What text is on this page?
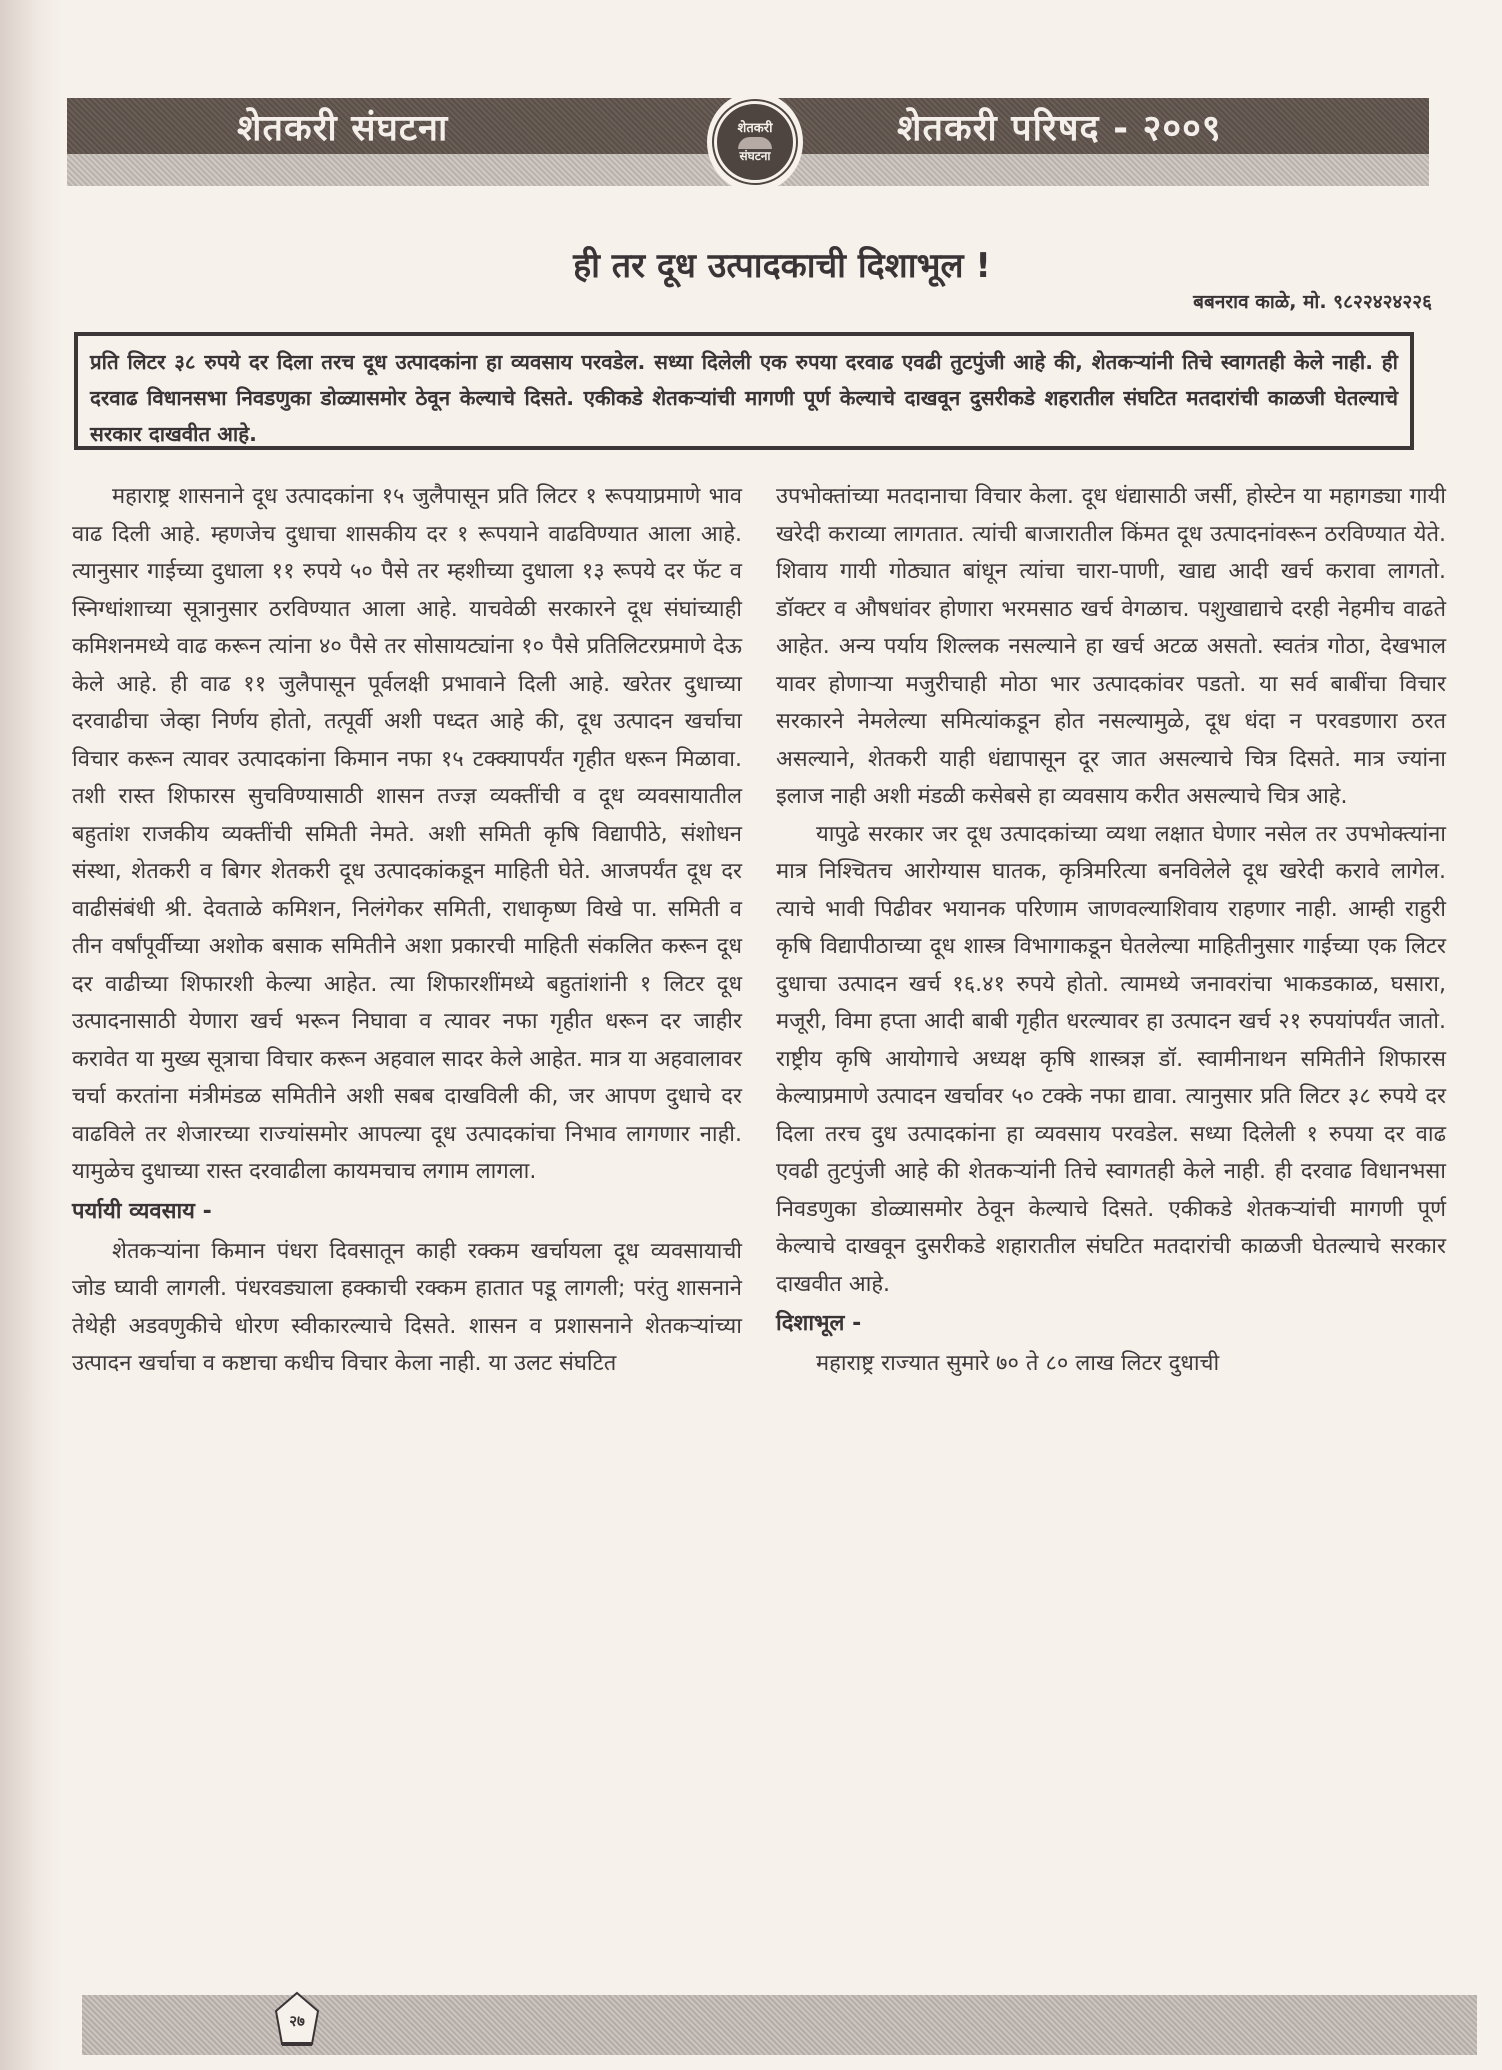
शेतकरी संघटना	शेतकरी परिषद - २००९
शेतकरी
संघटना
ही तर दूध उत्पादकाची दिशाभूल !
बबनराव काळे, मो. ९८२२४२४२२६

प्रति लिटर ३८ रुपये दर दिला तरच दूध उत्पादकांना हा व्यवसाय परवडेल. सध्या दिलेली एक रुपया दरवाढ एवढी तुटपुंजी आहे की, शेतकऱ्यांनी तिचे स्वागतही केले नाही. ही दरवाढ विधानसभा निवडणुका डोळ्यासमोर ठेवून केल्याचे दिसते. एकीकडे शेतकऱ्यांची मागणी पूर्ण केल्याचे दाखवून दुसरीकडे शहरातील संघटित मतदारांची काळजी घेतल्याचे सरकार दाखवीत आहे.

महाराष्ट्र शासनाने दूध उत्पादकांना १५ जुलैपासून प्रति लिटर १ रूपयाप्रमाणे भाव वाढ दिली आहे. म्हणजेच दुधाचा शासकीय दर १ रूपयाने वाढविण्यात आला आहे. त्यानुसार गाईच्या दुधाला ११ रुपये ५० पैसे तर म्हशीच्या दुधाला १३ रूपये दर फॅट व स्निग्धांशाच्या सूत्रानुसार ठरविण्यात आला आहे. याचवेळी सरकारने दूध संघांच्याही कमिशनमध्ये वाढ करून त्यांना ४० पैसे तर सोसायट्यांना १० पैसे प्रतिलिटरप्रमाणे देऊ केले आहे. ही वाढ ११ जुलैपासून पूर्वलक्षी प्रभावाने दिली आहे. खरेतर दुधाच्या दरवाढीचा जेव्हा निर्णय होतो, तत्पूर्वी अशी पध्दत आहे की, दूध उत्पादन खर्चाचा विचार करून त्यावर उत्पादकांना किमान नफा १५ टक्क्यापर्यंत गृहीत धरून मिळावा. तशी रास्त शिफारस सुचविण्यासाठी शासन तज्ज्ञ व्यक्तींची व दूध व्यवसायातील बहुतांश राजकीय व्यक्तींची समिती नेमते. अशी समिती कृषि विद्यापीठे, संशोधन संस्था, शेतकरी व बिगर शेतकरी दूध उत्पादकांकडून माहिती घेते. आजपर्यंत दूध दर वाढीसंबंधी श्री. देवताळे कमिशन, निलंगेकर समिती, राधाकृष्ण विखे पा. समिती व तीन वर्षांपूर्वीच्या अशोक बसाक समितीने अशा प्रकारची माहिती संकलित करून दूध दर वाढीच्या शिफारशी केल्या आहेत. त्या शिफारशींमध्ये बहुतांशांनी १ लिटर दूध उत्पादनासाठी येणारा खर्च भरून निघावा व त्यावर नफा गृहीत धरून दर जाहीर करावेत या मुख्य सूत्राचा विचार करून अहवाल सादर केले आहेत. मात्र या अहवालावर चर्चा करतांना मंत्रीमंडळ समितीने अशी सबब दाखविली की, जर आपण दुधाचे दर वाढविले तर शेजारच्या राज्यांसमोर आपल्या दूध उत्पादकांचा निभाव लागणार नाही. यामुळेच दुधाच्या रास्त दरवाढीला कायमचाच लगाम लागला.

पर्यायी व्यवसाय -

शेतकऱ्यांना किमान पंधरा दिवसातून काही रक्कम खर्चायला दूध व्यवसायाची जोड घ्यावी लागली. पंधरवड्याला हक्काची रक्कम हातात पडू लागली; परंतु शासनाने तेथेही अडवणुकीचे धोरण स्वीकारल्याचे दिसते. शासन व प्रशासनाने शेतकऱ्यांच्या उत्पादन खर्चाचा व कष्टाचा कधीच विचार केला नाही. या उलट संघटित

उपभोक्तांच्या मतदानाचा विचार केला. दूध धंद्यासाठी जर्सी, होस्टेन या महागड्या गायी खरेदी कराव्या लागतात. त्यांची बाजारातील किंमत दूध उत्पादनांवरून ठरविण्यात येते. शिवाय गायी गोठ्यात बांधून त्यांचा चारा-पाणी, खाद्य आदी खर्च करावा लागतो. डॉक्टर व औषधांवर होणारा भरमसाठ खर्च वेगळाच. पशुखाद्याचे दरही नेहमीच वाढते आहेत. अन्य पर्याय शिल्लक नसल्याने हा खर्च अटळ असतो. स्वतंत्र गोठा, देखभाल यावर होणाऱ्या मजुरीचाही मोठा भार उत्पादकांवर पडतो. या सर्व बाबींचा विचार सरकारने नेमलेल्या समित्यांकडून होत नसल्यामुळे, दूध धंदा न परवडणारा ठरत असल्याने, शेतकरी याही धंद्यापासून दूर जात असल्याचे चित्र दिसते. मात्र ज्यांना इलाज नाही अशी मंडळी कसेबसे हा व्यवसाय करीत असल्याचे चित्र आहे.

यापुढे सरकार जर दूध उत्पादकांच्या व्यथा लक्षात घेणार नसेल तर उपभोक्त्यांना मात्र निश्चितच आरोग्यास घातक, कृत्रिमरित्या बनविलेले दूध खरेदी करावे लागेल. त्याचे भावी पिढीवर भयानक परिणाम जाणवल्याशिवाय राहणार नाही. आम्ही राहुरी कृषि विद्यापीठाच्या दूध शास्त्र विभागाकडून घेतलेल्या माहितीनुसार गाईच्या एक लिटर दुधाचा उत्पादन खर्च १६.४१ रुपये होतो. त्यामध्ये जनावरांचा भाकडकाळ, घसारा, मजूरी, विमा हप्ता आदी बाबी गृहीत धरल्यावर हा उत्पादन खर्च २१ रुपयांपर्यंत जातो. राष्ट्रीय कृषि आयोगाचे अध्यक्ष कृषि शास्त्रज्ञ डॉ. स्वामीनाथन समितीने शिफारस केल्याप्रमाणे उत्पादन खर्चावर ५० टक्के नफा द्यावा. त्यानुसार प्रति लिटर ३८ रुपये दर दिला तरच दुध उत्पादकांना हा व्यवसाय परवडेल. सध्या दिलेली १ रुपया दर वाढ एवढी तुटपुंजी आहे की शेतकऱ्यांनी तिचे स्वागतही केले नाही. ही दरवाढ विधानभसा निवडणुका डोळ्यासमोर ठेवून केल्याचे दिसते. एकीकडे शेतकऱ्यांची मागणी पूर्ण केल्याचे दाखवून दुसरीकडे शहारातील संघटित मतदारांची काळजी घेतल्याचे सरकार दाखवीत आहे.

दिशाभूल -

महाराष्ट्र राज्यात सुमारे ७० ते ८० लाख लिटर दुधाची

२७
